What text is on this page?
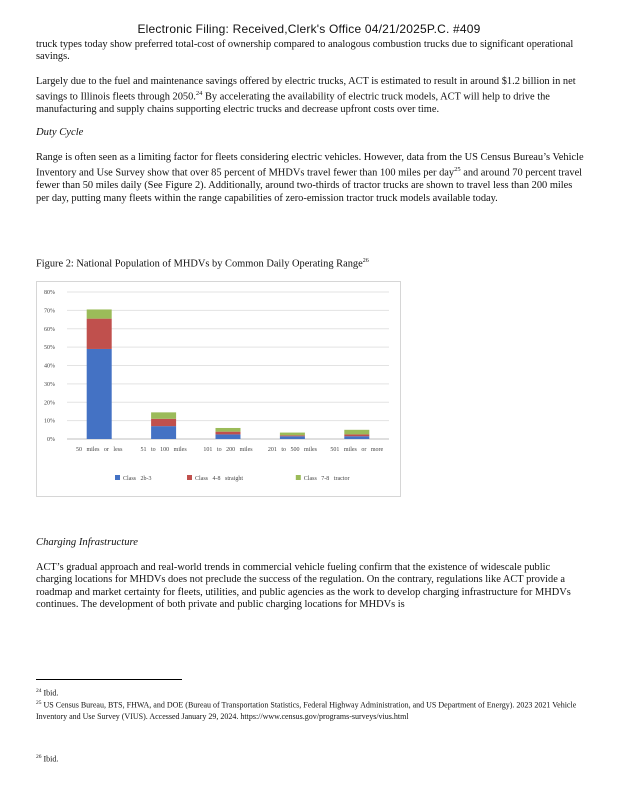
Electronic Filing: Received,Clerk's Office 04/21/2025P.C. #409

truck types today show preferred total-cost of ownership compared to analogous combustion trucks due to significant operational savings.

Largely due to the fuel and maintenance savings offered by electric trucks, ACT is estimated to result in around $1.2 billion in net savings to Illinois fleets through 2050.24 By accelerating the availability of electric truck models, ACT will help to drive the manufacturing and supply chains supporting electric trucks and decrease upfront costs over time.

Duty Cycle

Range is often seen as a limiting factor for fleets considering electric vehicles. However, data from the US Census Bureau’s Vehicle Inventory and Use Survey show that over 85 percent of MHDVs travel fewer than 100 miles per day$^{25}$ and around 70 percent travel fewer than 50 miles daily (See Figure 2). Additionally, around two-thirds of tractor trucks are shown to travel less than 200 miles per day, putting many fleets within the range capabilities of zero-emission tractor truck models available today.

Figure 2: National Population of MHDVs by Common Daily Operating Range$^{26}$
0%
10%
20%
30%
40%
50%
60%
70%
80%
50 miles or less	51 to 100 miles	101 to 200 miles	201 to 500 miles 501 miles or more
Class 2b-3	Class 4-8 straight	Class 7-8 tractor

Charging Infrastructure

ACT’s gradual approach and real-world trends in commercial vehicle fueling confirm that the existence of widescale public charging locations for MHDVs does not preclude the success of the regulation. On the contrary, regulations like ACT provide a roadmap and market certainty for fleets, utilities, and public agencies as the work to develop charging infrastructure for MHDVs continues. The development of both private and public charging locations for MHDVs is

$^{24}$ Ibid.

$^{25}$ US Census Bureau, BTS, FHWA, and DOE (Bureau of Transportation Statistics, Federal Highway Administration, and US Department of Energy). 2023 2021 Vehicle Inventory and Use Survey (VIUS). Accessed January 29, 2024. https://www.census.gov/programs-surveys/vius.html

$^{26}$ Ibid.
